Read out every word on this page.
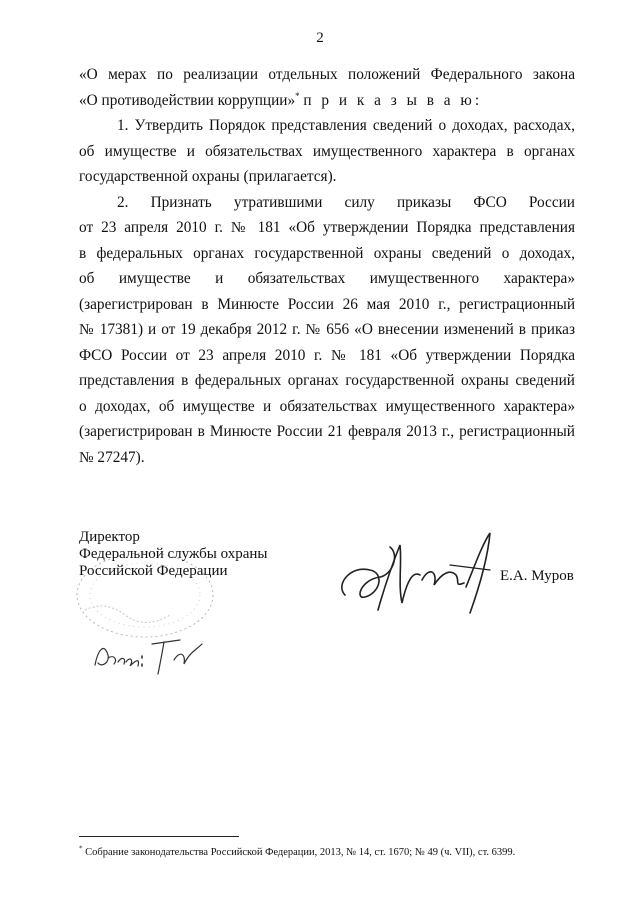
2
«О мерах по реализации отдельных положений Федерального закона
«О противодействии коррупции»* п р и к а з ы в а ю:
1. Утвердить Порядок представления сведений о доходах, расходах,
об имуществе и обязательствах имущественного характера в органах
государственной охраны (прилагается).
2. Признать утратившими силу приказы ФСО России
от 23 апреля 2010 г. № 181 «Об утверждении Порядка представления
в федеральных органах государственной охраны сведений о доходах,
об имуществе и обязательствах имущественного характера»
(зарегистрирован в Минюсте России 26 мая 2010 г., регистрационный
№ 17381) и от 19 декабря 2012 г. № 656 «О внесении изменений в приказ
ФСО России от 23 апреля 2010 г. № 181 «Об утверждении Порядка
представления в федеральных органах государственной охраны сведений
о доходах, об имуществе и обязательствах имущественного характера»
(зарегистрирован в Минюсте России 21 февраля 2013 г., регистрационный
№ 27247).
Директор
Федеральной службы охраны
Российской Федерации	Е.А. Муров
* Собрание законодательства Российской Федерации, 2013, № 14, ст. 1670; № 49 (ч. VII), ст. 6399.
